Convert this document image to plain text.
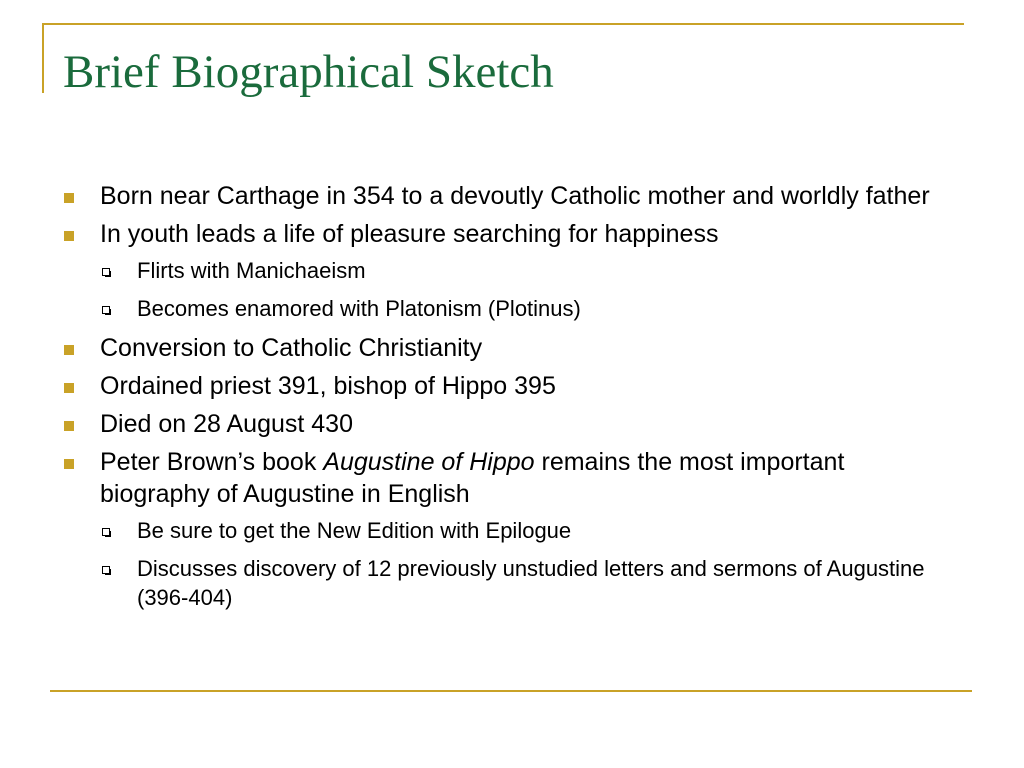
Brief Biographical Sketch
Born near Carthage in 354 to a devoutly Catholic mother and worldly father
In youth leads a life of pleasure searching for happiness
Flirts with Manichaeism
Becomes enamored with Platonism (Plotinus)
Conversion to Catholic Christianity
Ordained priest 391, bishop of Hippo 395
Died on 28 August 430
Peter Brown’s book Augustine of Hippo remains the most important biography of Augustine in English
Be sure to get the New Edition with Epilogue
Discusses discovery of 12 previously unstudied letters and sermons of Augustine (396-404)
